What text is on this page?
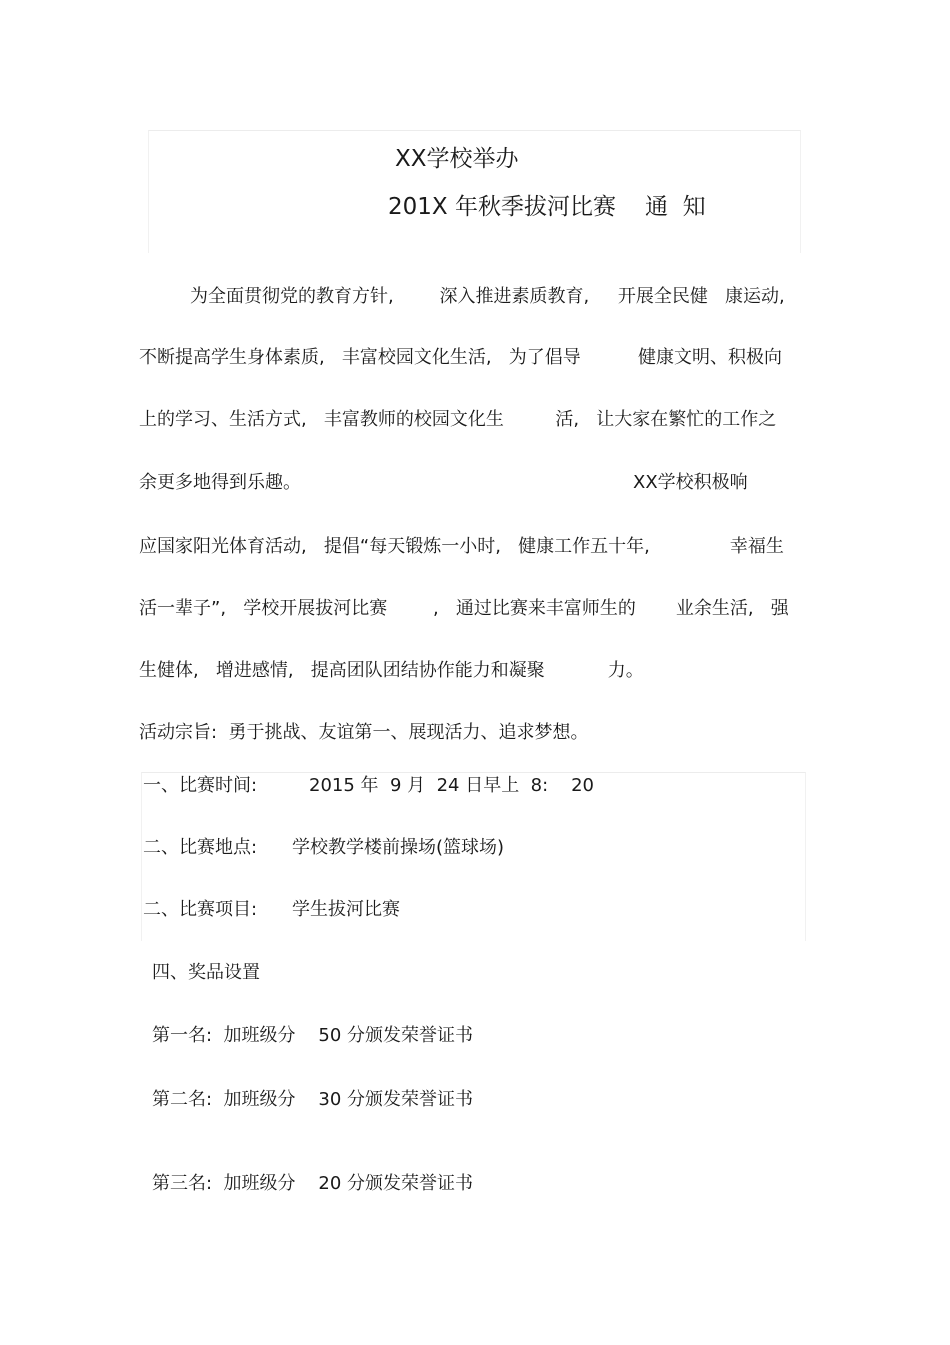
XX学校举办
201X 年秋季拔河比赛 通  知
为全面贯彻党的教育方针,        深入推进素质教育,     开展全民健   康运动,
不断提高学生身体素质,   丰富校园文化生活,   为了倡导          健康文明、积极向
上的学习、生活方式,   丰富教师的校园文化生         活,   让大家在繁忙的工作之
余更多地得到乐趣。	XX学校积极响
应国家阳光体育活动,   提倡“每天锻炼一小时,   健康工作五十年,              幸福生
活一辈子”,   学校开展拔河比赛        ,   通过比赛来丰富师生的       业余生活,   强
生健体,   增进感情,   提高团队团结协作能力和凝聚           力。
活动宗旨:  勇于挑战、友谊第一、展现活力、追求梦想。
一、比赛时间:	2015 年  9 月  24 日早上  8:    20
二、比赛地点: 学校教学楼前操场(篮球场)
二、比赛项目: 学生拔河比赛
四、奖品设置
第一名:  加班级分    50 分颁发荣誉证书
第二名:  加班级分    30 分颁发荣誉证书
第三名:  加班级分    20 分颁发荣誉证书
